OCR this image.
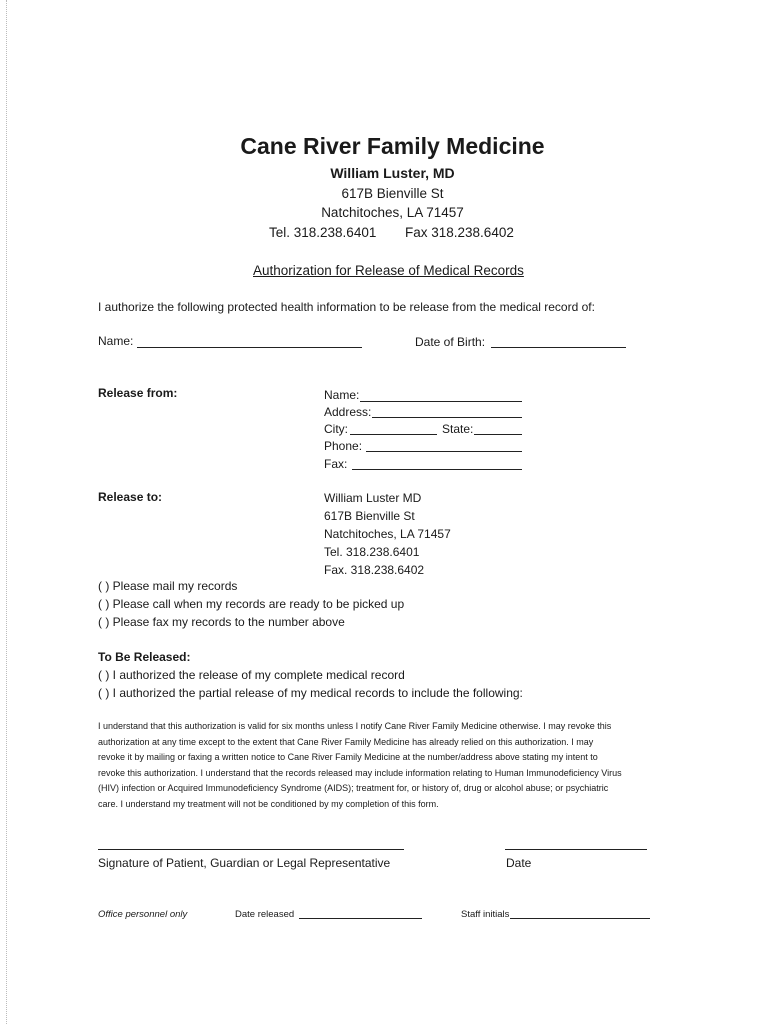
Cane River Family Medicine
William Luster, MD
617B Bienville St
Natchitoches, LA 71457
Tel. 318.238.6401 Fax 318.238.6402
Authorization for Release of Medical Records
I authorize the following protected health information to be release from the medical record of:
Name:	Date of Birth:
Release from:	Name:
Address:
City:	State:
Phone:
Fax:
Release to:	William Luster MD
617B Bienville St
Natchitoches, LA 71457
Tel. 318.238.6401
Fax. 318.238.6402
( ) Please mail my records
( ) Please call when my records are ready to be picked up
( ) Please fax my records to the number above
To Be Released:
( ) I authorized the release of my complete medical record
( ) I authorized the partial release of my medical records to include the following:
I understand that this authorization is valid for six months unless I notify Cane River Family Medicine otherwise. I may revoke this
authorization at any time except to the extent that Cane River Family Medicine has already relied on this authorization. I may
revoke it by mailing or faxing a written notice to Cane River Family Medicine at the number/address above stating my intent to
revoke this authorization. I understand that the records released may include information relating to Human Immunodeficiency Virus
(HIV) infection or Acquired Immunodeficiency Syndrome (AIDS); treatment for, or history of, drug or alcohol abuse; or psychiatric
care. I understand my treatment will not be conditioned by my completion of this form.
Signature of Patient, Guardian or Legal Representative	Date
Office personnel only	Date released	Staff initials
